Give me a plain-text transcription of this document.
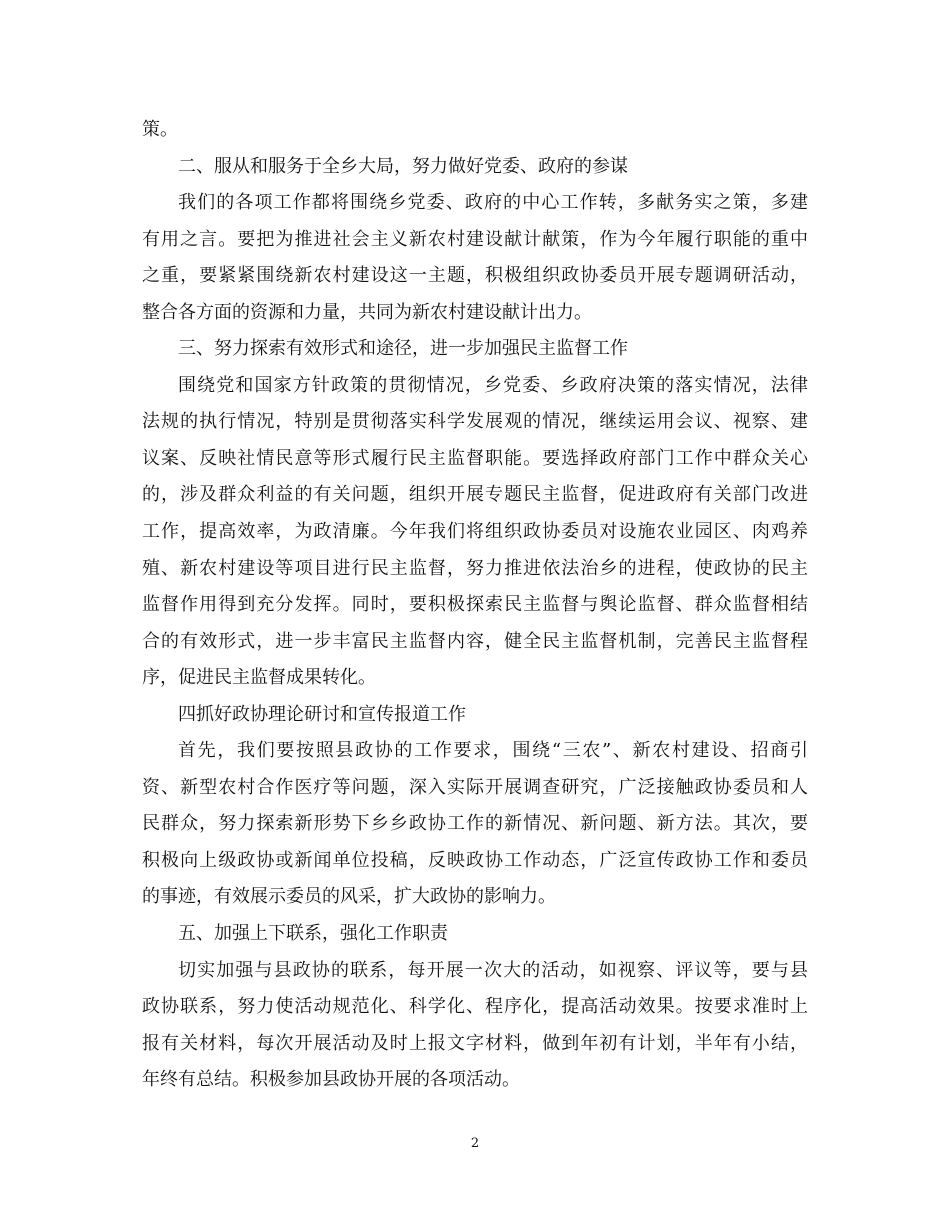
策。
二、服从和服务于全乡大局，努力做好党委、政府的参谋
我们的各项工作都将围绕乡党委、政府的中心工作转，多献务实之策，多建
有用之言。要把为推进社会主义新农村建设献计献策，作为今年履行职能的重中
之重，要紧紧围绕新农村建设这一主题，积极组织政协委员开展专题调研活动，
整合各方面的资源和力量，共同为新农村建设献计出力。
三、努力探索有效形式和途径，进一步加强民主监督工作
围绕党和国家方针政策的贯彻情况，乡党委、乡政府决策的落实情况，法律
法规的执行情况，特别是贯彻落实科学发展观的情况，继续运用会议、视察、建
议案、反映社情民意等形式履行民主监督职能。要选择政府部门工作中群众关心
的，涉及群众利益的有关问题，组织开展专题民主监督，促进政府有关部门改进
工作，提高效率，为政清廉。今年我们将组织政协委员对设施农业园区、肉鸡养
殖、新农村建设等项目进行民主监督，努力推进依法治乡的进程，使政协的民主
监督作用得到充分发挥。同时，要积极探索民主监督与舆论监督、群众监督相结
合的有效形式，进一步丰富民主监督内容，健全民主监督机制，完善民主监督程
序，促进民主监督成果转化。
四抓好政协理论研讨和宣传报道工作
首先，我们要按照县政协的工作要求，围绕“三农”、新农村建设、招商引
资、新型农村合作医疗等问题，深入实际开展调查研究，广泛接触政协委员和人
民群众，努力探索新形势下乡乡政协工作的新情况、新问题、新方法。其次，要
积极向上级政协或新闻单位投稿，反映政协工作动态，广泛宣传政协工作和委员
的事迹，有效展示委员的风采，扩大政协的影响力。
五、加强上下联系，强化工作职责
切实加强与县政协的联系，每开展一次大的活动，如视察、评议等，要与县
政协联系，努力使活动规范化、科学化、程序化，提高活动效果。按要求准时上
报有关材料，每次开展活动及时上报文字材料，做到年初有计划，半年有小结，
年终有总结。积极参加县政协开展的各项活动。
2
